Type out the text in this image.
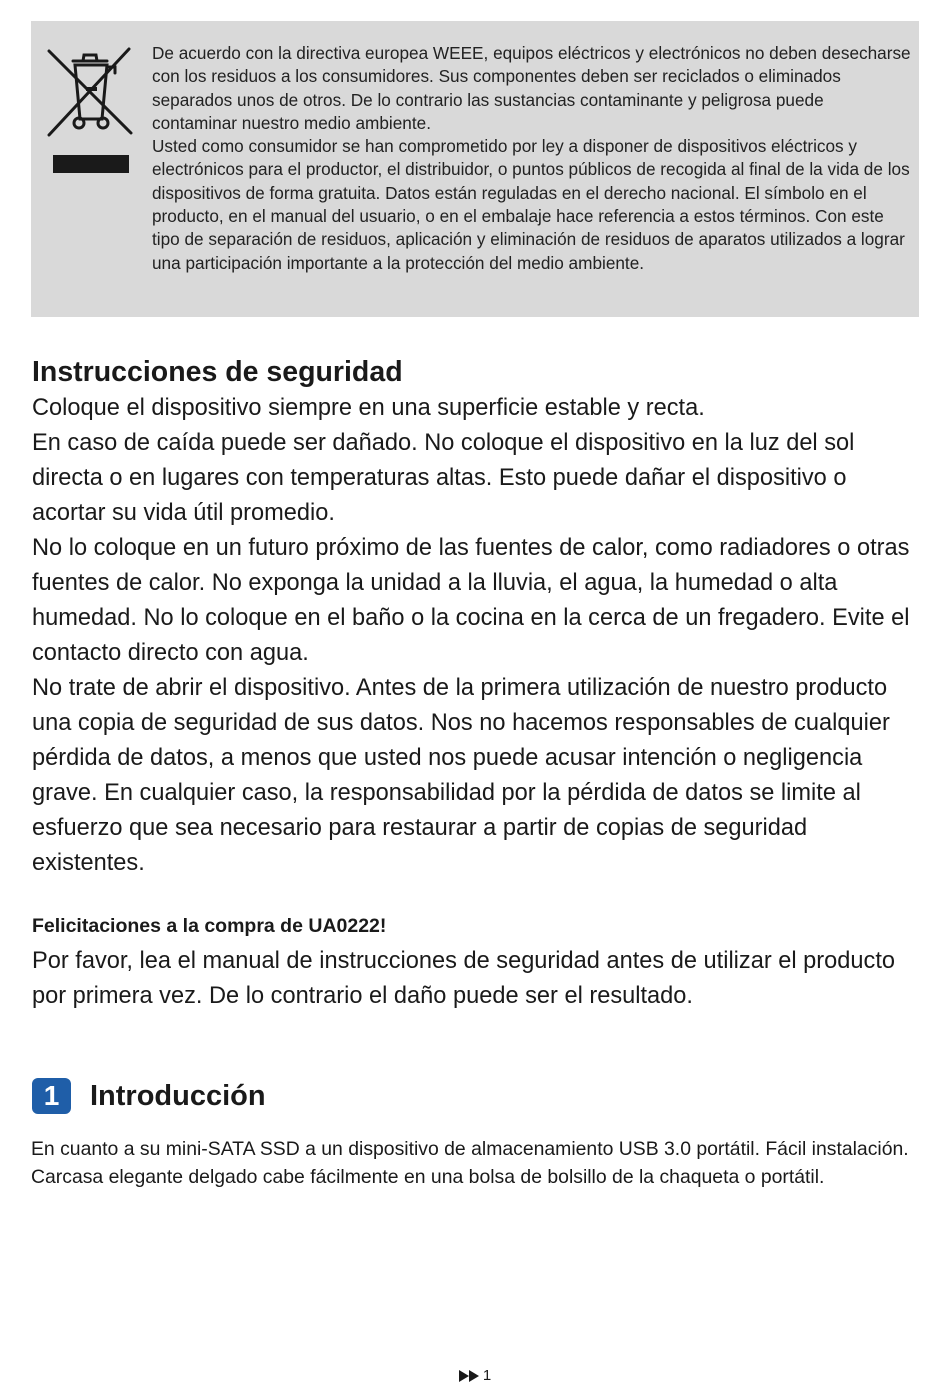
De acuerdo con la directiva europea WEEE, equipos eléctricos y electrónicos no deben desecharse con los residuos a los consumidores. Sus componentes deben ser reciclados o eliminados separados unos de otros. De lo contrario las sustancias contaminante y peligrosa puede contaminar nuestro medio ambiente.

Usted como consumidor se han comprometido por ley a disponer de dispositivos eléctricos y electrónicos para el productor, el distribuidor, o puntos públicos de recogida al final de la vida de los dispositivos de forma gratuita. Datos están reguladas en el derecho nacional. El símbolo en el producto, en el manual del usuario, o en el embalaje hace referencia a estos términos. Con este tipo de separación de residuos, aplicación y eliminación de residuos de aparatos utilizados a lograr una participación importante a la protección del medio ambiente.

Instrucciones de seguridad

Coloque el dispositivo siempre en una superficie estable y recta.

En caso de caída puede ser dañado. No coloque el dispositivo en la luz del sol directa o en lugares con temperaturas altas. Esto puede dañar el dispositivo o acortar su vida útil promedio.

No lo coloque en un futuro próximo de las fuentes de calor, como radiadores o otras fuentes de calor. No exponga la unidad a la lluvia, el agua, la humedad o alta humedad. No lo coloque en el baño o la cocina en la cerca de un fregadero. Evite el contacto directo con agua.

No trate de abrir el dispositivo. Antes de la primera utilización de nuestro producto una copia de seguridad de sus datos. Nos no hacemos responsables de cualquier pérdida de datos, a menos que usted nos puede acusar intención o negligencia grave. En cualquier caso, la responsabilidad por la pérdida de datos se limite al esfuerzo que sea necesario para restaurar a partir de copias de seguridad existentes.

Felicitaciones a la compra de UA0222!

Por favor, lea el manual de instrucciones de seguridad antes de utilizar el producto por primera vez. De lo contrario el daño puede ser el resultado.

1	Introducción

En cuanto a su mini-SATA SSD a un dispositivo de almacenamiento USB 3.0 portátil. Fácil instalación. Carcasa elegante delgado cabe fácilmente en una bolsa de bolsillo de la chaqueta o portátil.

1
